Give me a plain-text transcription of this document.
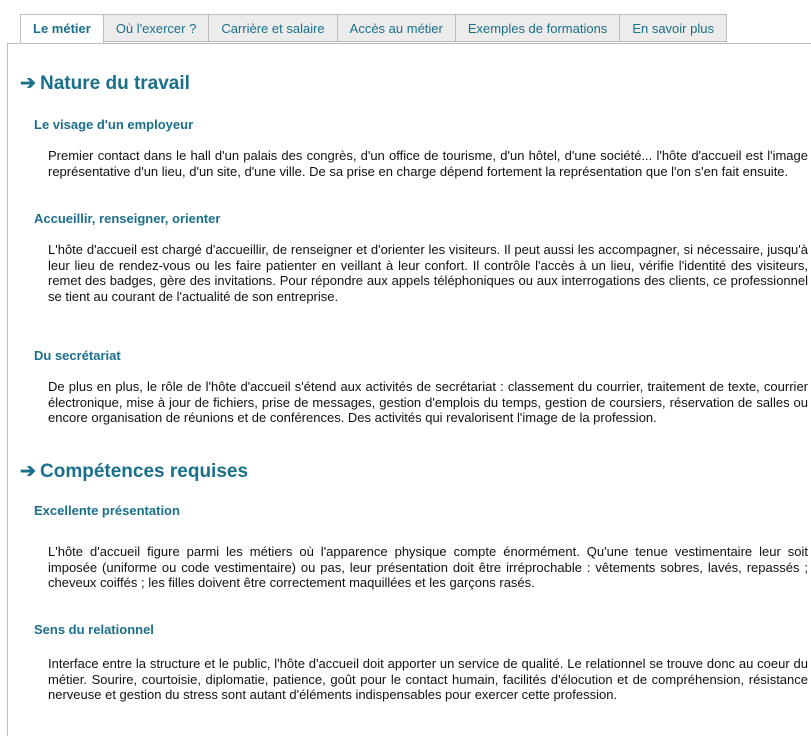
Le métier	Où l'exercer ?	Carrière et salaire	Accès au métier	Exemples de formations	En savoir plus
➔ Nature du travail
Le visage d'un employeur

Premier contact dans le hall d'un palais des congrès, d'un office de tourisme, d'un hôtel, d'une société... l'hôte d'accueil est l'image représentative d'un lieu, d'un site, d'une ville. De sa prise en charge dépend fortement la représentation que l'on s'en fait ensuite.

Accueillir, renseigner, orienter

L'hôte d'accueil est chargé d'accueillir, de renseigner et d'orienter les visiteurs. Il peut aussi les accompagner, si nécessaire, jusqu'à leur lieu de rendez-vous ou les faire patienter en veillant à leur confort. Il contrôle l'accès à un lieu, vérifie l'identité des visiteurs, remet des badges, gère des invitations. Pour répondre aux appels téléphoniques ou aux interrogations des clients, ce professionnel se tient au courant de l'actualité de son entreprise.

Du secrétariat

De plus en plus, le rôle de l'hôte d'accueil s'étend aux activités de secrétariat : classement du courrier, traitement de texte, courrier électronique, mise à jour de fichiers, prise de messages, gestion d'emplois du temps, gestion de coursiers, réservation de salles ou encore organisation de réunions et de conférences. Des activités qui revalorisent l'image de la profession.

➔ Compétences requises
Excellente présentation

L'hôte d'accueil figure parmi les métiers où l'apparence physique compte énormément. Qu'une tenue vestimentaire leur soit imposée (uniforme ou code vestimentaire) ou pas, leur présentation doit être irréprochable : vêtements sobres, lavés, repassés ; cheveux coiffés ; les filles doivent être correctement maquillées et les garçons rasés.

Sens du relationnel

Interface entre la structure et le public, l'hôte d'accueil doit apporter un service de qualité. Le relationnel se trouve donc au coeur du métier. Sourire, courtoisie, diplomatie, patience, goût pour le contact humain, facilités d'élocution et de compréhension, résistance nerveuse et gestion du stress sont autant d'éléments indispensables pour exercer cette profession.
